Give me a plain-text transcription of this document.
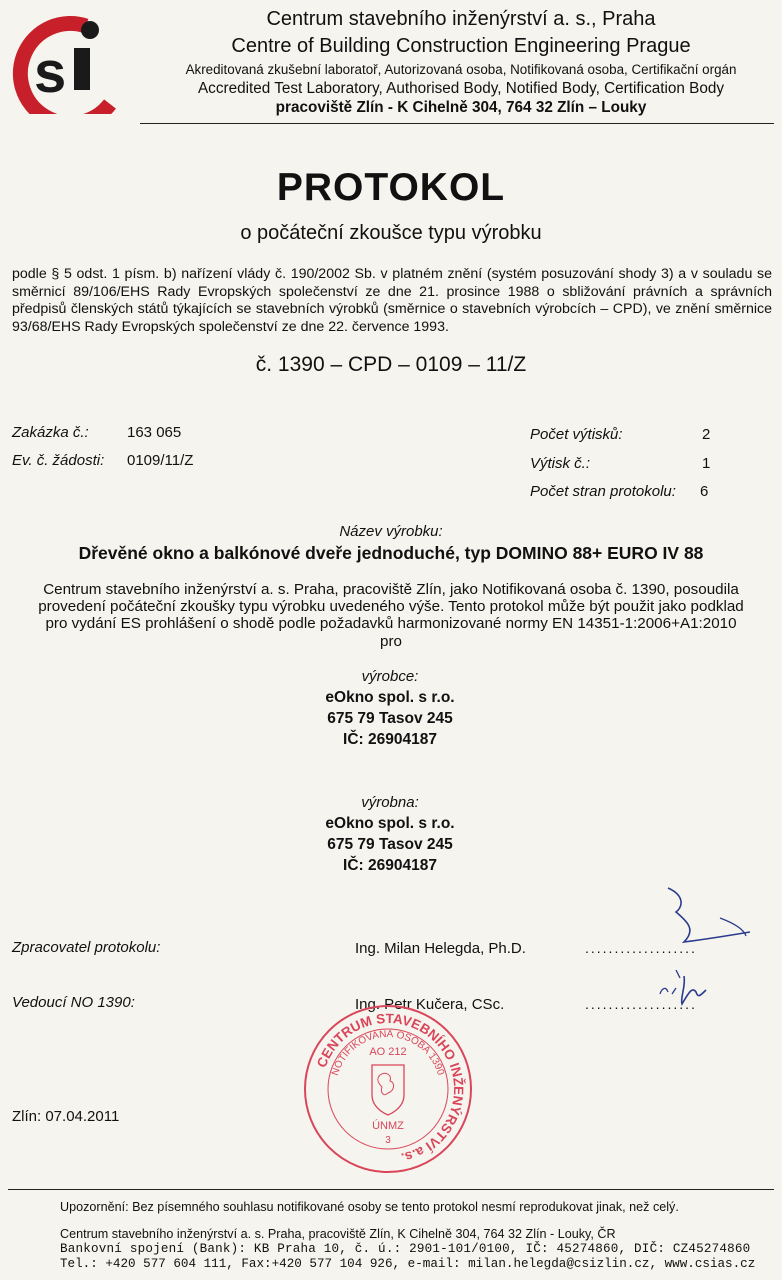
s
Centrum stavebního inženýrství a. s., Praha
Centre of Building Construction Engineering Prague
Akreditovaná zkušební laboratoř, Autorizovaná osoba, Notifikovaná osoba, Certifikační orgán
Accredited Test Laboratory, Authorised Body, Notified Body, Certification Body
pracoviště Zlín - K Cihelně 304, 764 32 Zlín – Louky
PROTOKOL
o počáteční zkoušce typu výrobku
podle § 5 odst. 1 písm. b) nařízení vlády č. 190/2002 Sb. v platném znění (systém posuzování shody 3) a v souladu se směrnicí 89/106/EHS Rady Evropských společenství ze dne 21. prosince 1988 o sbližování právních a správních předpisů členských států týkajících se stavebních výrobků (směrnice o stavebních výrobcích – CPD), ve znění směrnice 93/68/EHS Rady Evropských společenství ze dne 22. července 1993.
č. 1390 – CPD – 0109 – 11/Z
Zakázka č.:	163 065
Ev. č. žádosti: 0109/11/Z
Počet výtisků:	2
Výtisk č.:	1
Počet stran protokolu: 6
Název výrobku:
Dřevěné okno a balkónové dveře jednoduché, typ DOMINO 88+ EURO IV 88
Centrum stavebního inženýrství a. s. Praha, pracoviště Zlín, jako Notifikovaná osoba č. 1390, posoudila
provedení počáteční zkoušky typu výrobku uvedeného výše. Tento protokol může být použit jako podklad
pro vydání ES prohlášení o shodě podle požadavků harmonizované normy EN 14351-1:2006+A1:2010
pro
výrobce:
eOkno spol. s r.o.
675 79 Tasov 245
IČ: 26904187
výrobna:
eOkno spol. s r.o.
675 79 Tasov 245
IČ: 26904187
Zpracovatel protokolu:	Ing. Milan Helegda, Ph.D.	...................
Vedoucí NO 1390:	Ing. Petr Kučera, CSc.	...................
CENTRUM STAVEBNÍHO INŽENÝRSTVÍ a.s.
NOTIFIKOVANÁ OSOBA 1390
AO 212
ÚNMZ
3
Zlín: 07.04.2011
Upozornění: Bez písemného souhlasu notifikované osoby se tento protokol nesmí reprodukovat jinak, než celý.
Centrum stavebního inženýrství a. s. Praha, pracoviště Zlín, K Cihelně 304, 764 32 Zlín - Louky, ČR
Bankovní spojení (Bank): KB Praha 10, č. ú.: 2901-101/0100, IČ: 45274860, DIČ: CZ45274860
Tel.: +420 577 604 111, Fax:+420 577 104 926, e-mail: milan.helegda@csizlin.cz, www.csias.cz
